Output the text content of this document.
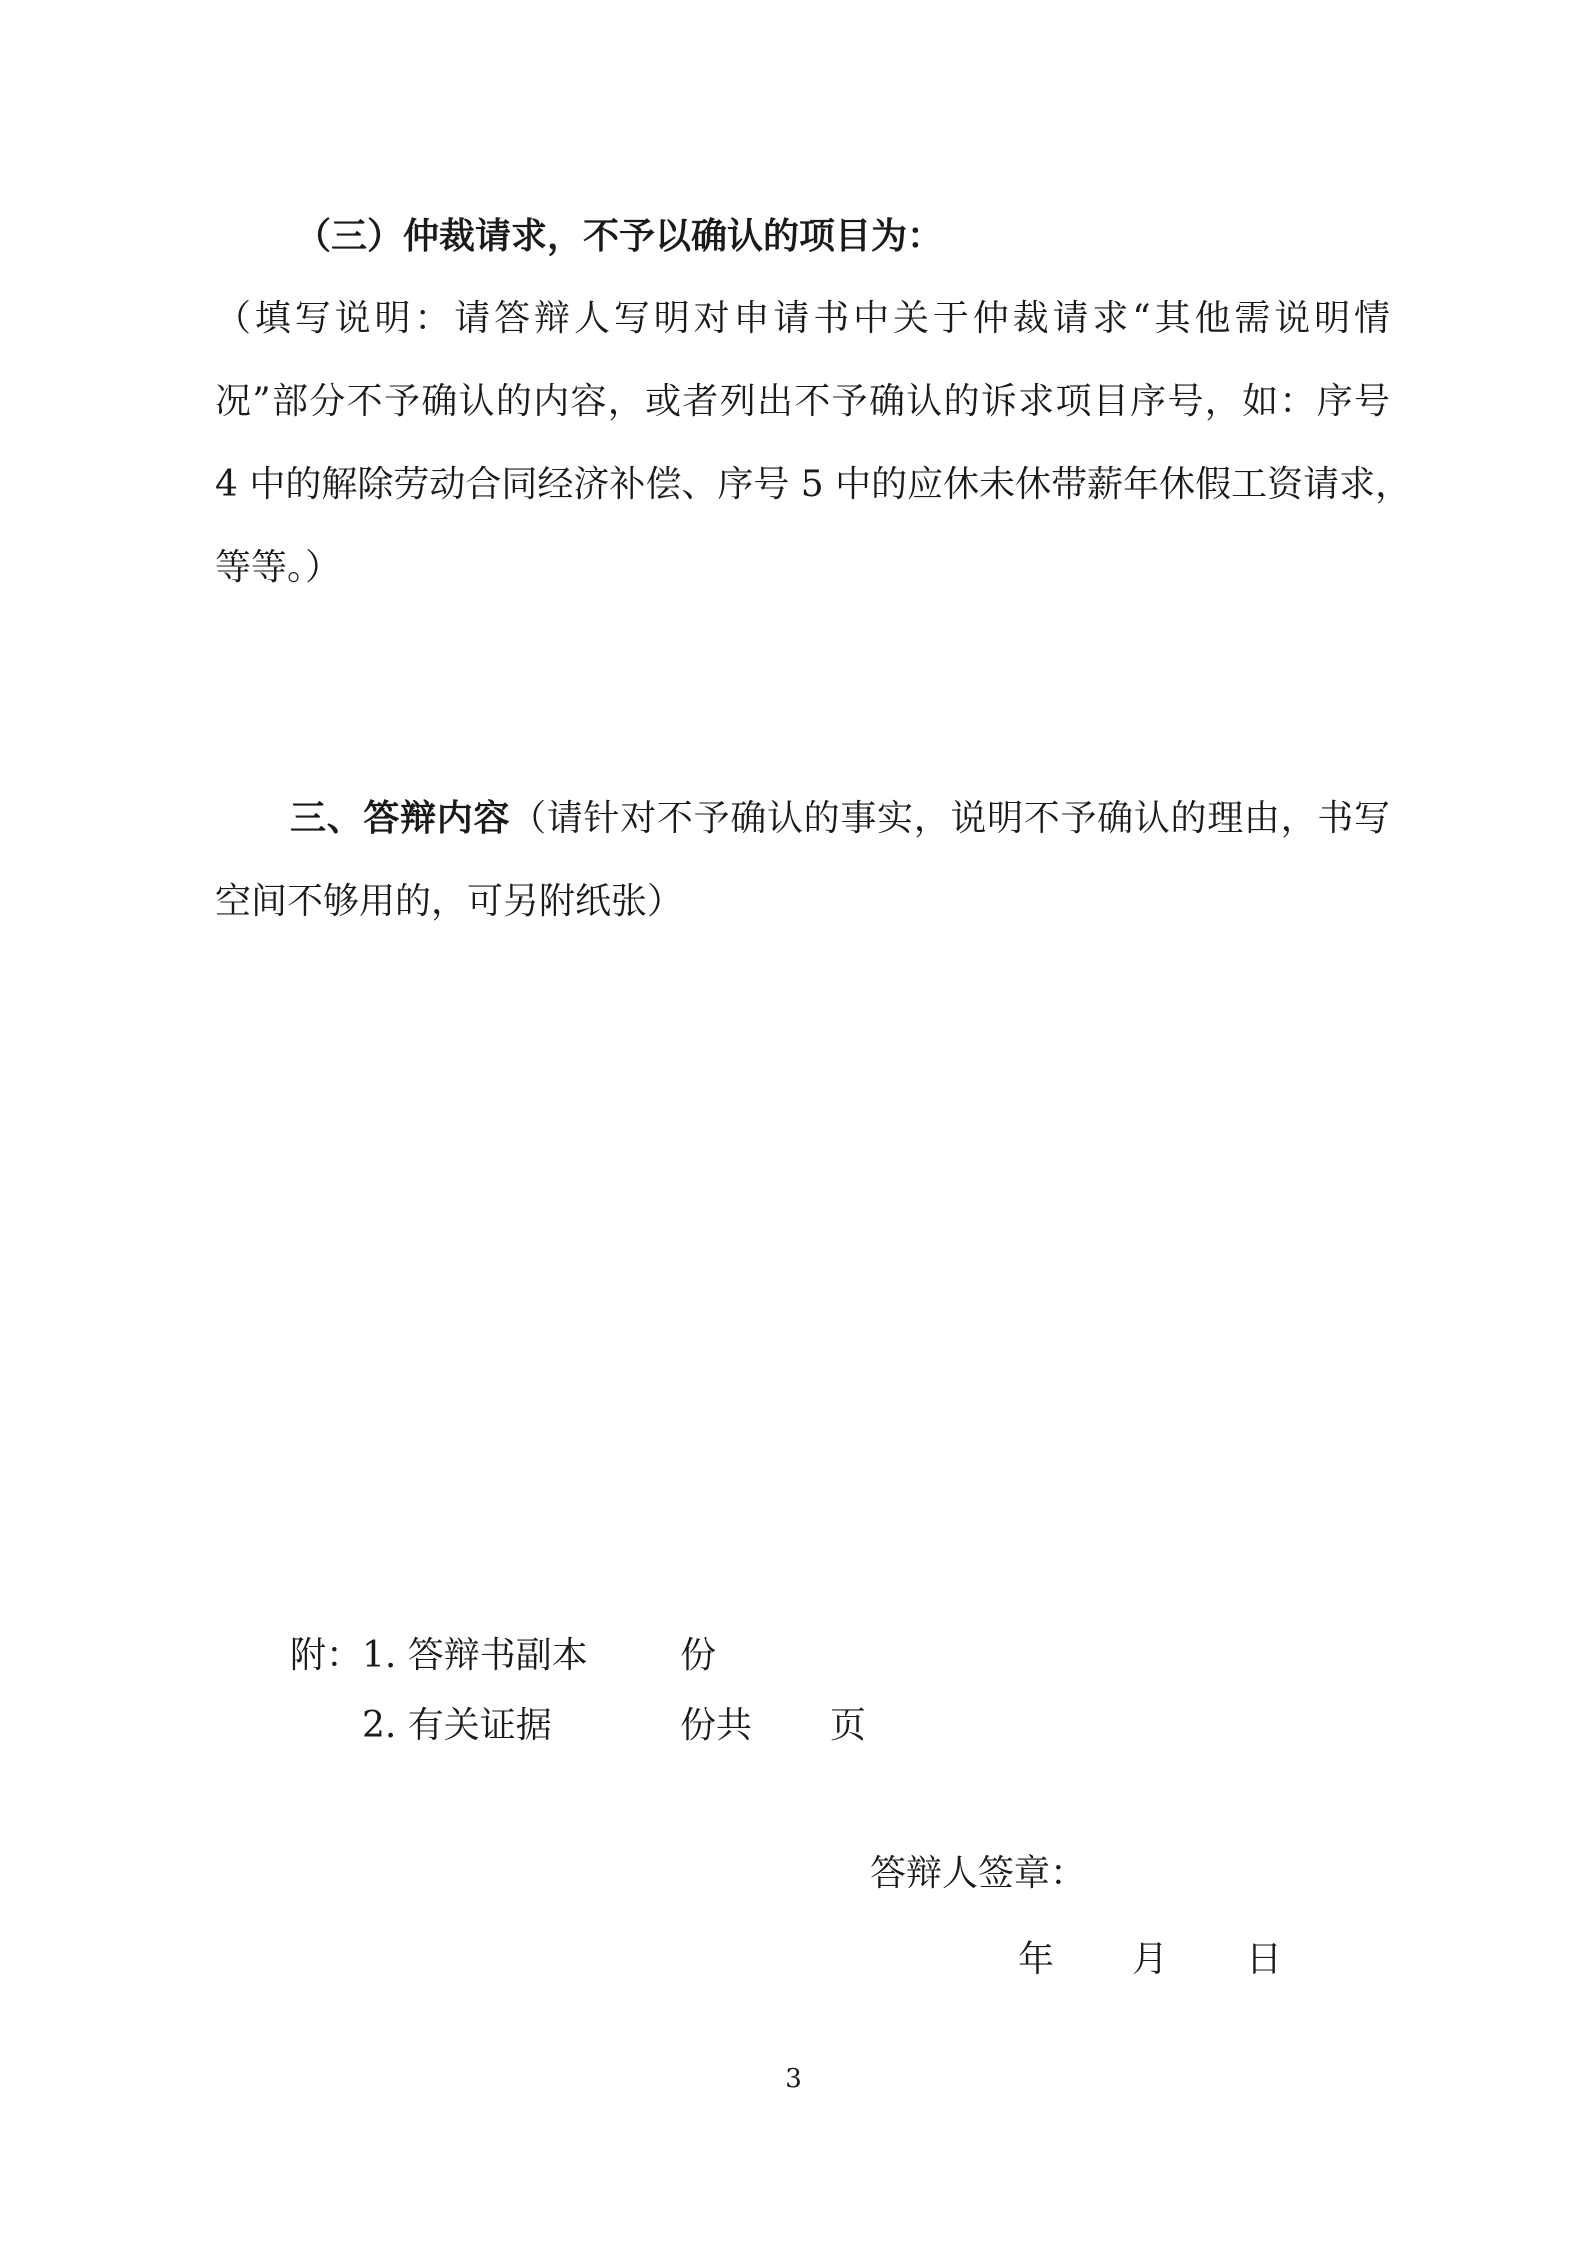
（三）仲裁请求，不予以确认的项目为：
（填写说明：请答辩人写明对申请书中关于仲裁请求“其他需说明情
况”部分不予确认的内容，或者列出不予确认的诉求项目序号，如：序号
4 中的解除劳动合同经济补偿、序号 5 中的应休未休带薪年休假工资请求，
等等。）
三、答辩内容（请针对不予确认的事实，说明不予确认的理由，书写
空间不够用的，可另附纸张）
附： 1. 答辩书副本	份
2. 有关证据	份共 页
答辩人签章：
年 月 日
3
